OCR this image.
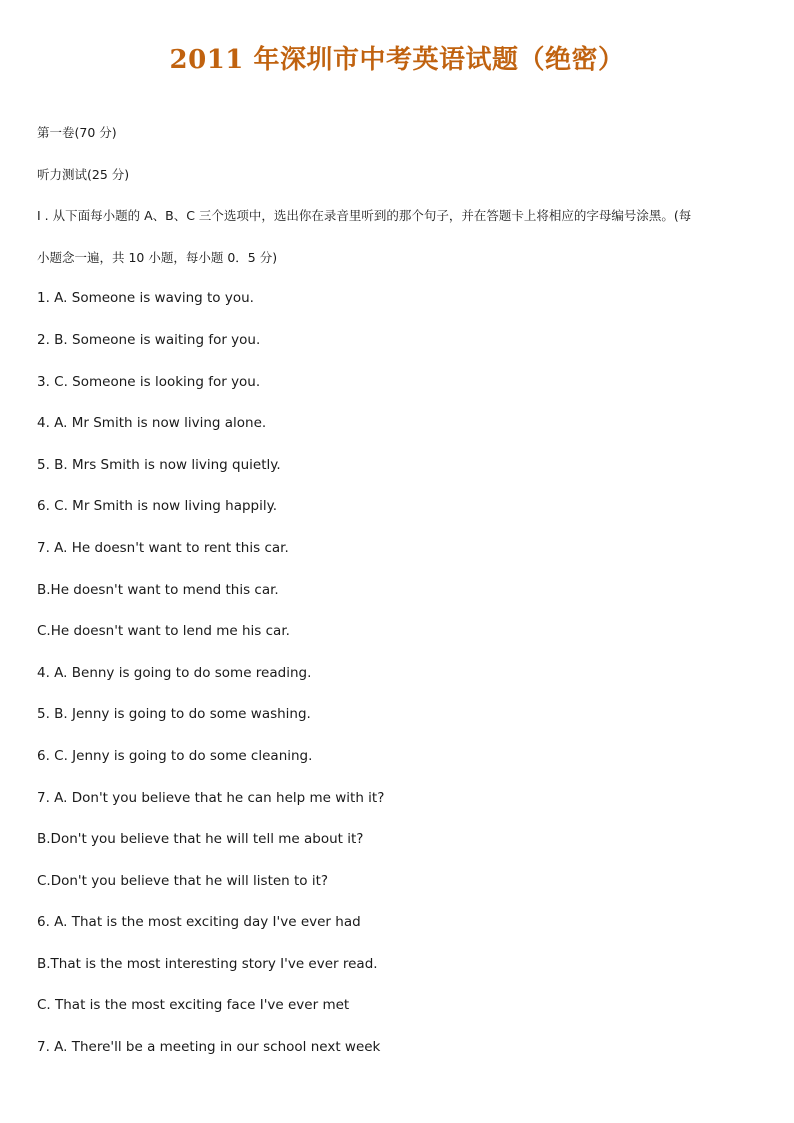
2011 年深圳市中考英语试题（绝密）
第一卷(70 分)
听力测试(25 分)
I . 从下面每小题的 A、B、C 三个选项中，选出你在录音里听到的那个句子，并在答题卡上将相应的字母编号涂黑。(每
小题念一遍，共 10 小题，每小题 0．5 分)
1. A. Someone is waving to you.
2. B. Someone is waiting for you.
3. C. Someone is looking for you.
4. A. Mr Smith is now living alone.
5. B. Mrs Smith is now living quietly.
6. C. Mr Smith is now living happily.
7. A. He doesn't want to rent this car.
B.He doesn't want to mend this car.
C.He doesn't want to lend me his car.
4. A. Benny is going to do some reading.
5. B. Jenny is going to do some washing.
6. C. Jenny is going to do some cleaning.
7. A. Don't you believe that he can help me with it?
B.Don't you believe that he will tell me about it?
C.Don't you believe that he will listen to it?
6. A. That is the most exciting day I've ever had
B.That is the most interesting story I've ever read.
C. That is the most exciting face I've ever met
7. A. There'll be a meeting in our school next week
